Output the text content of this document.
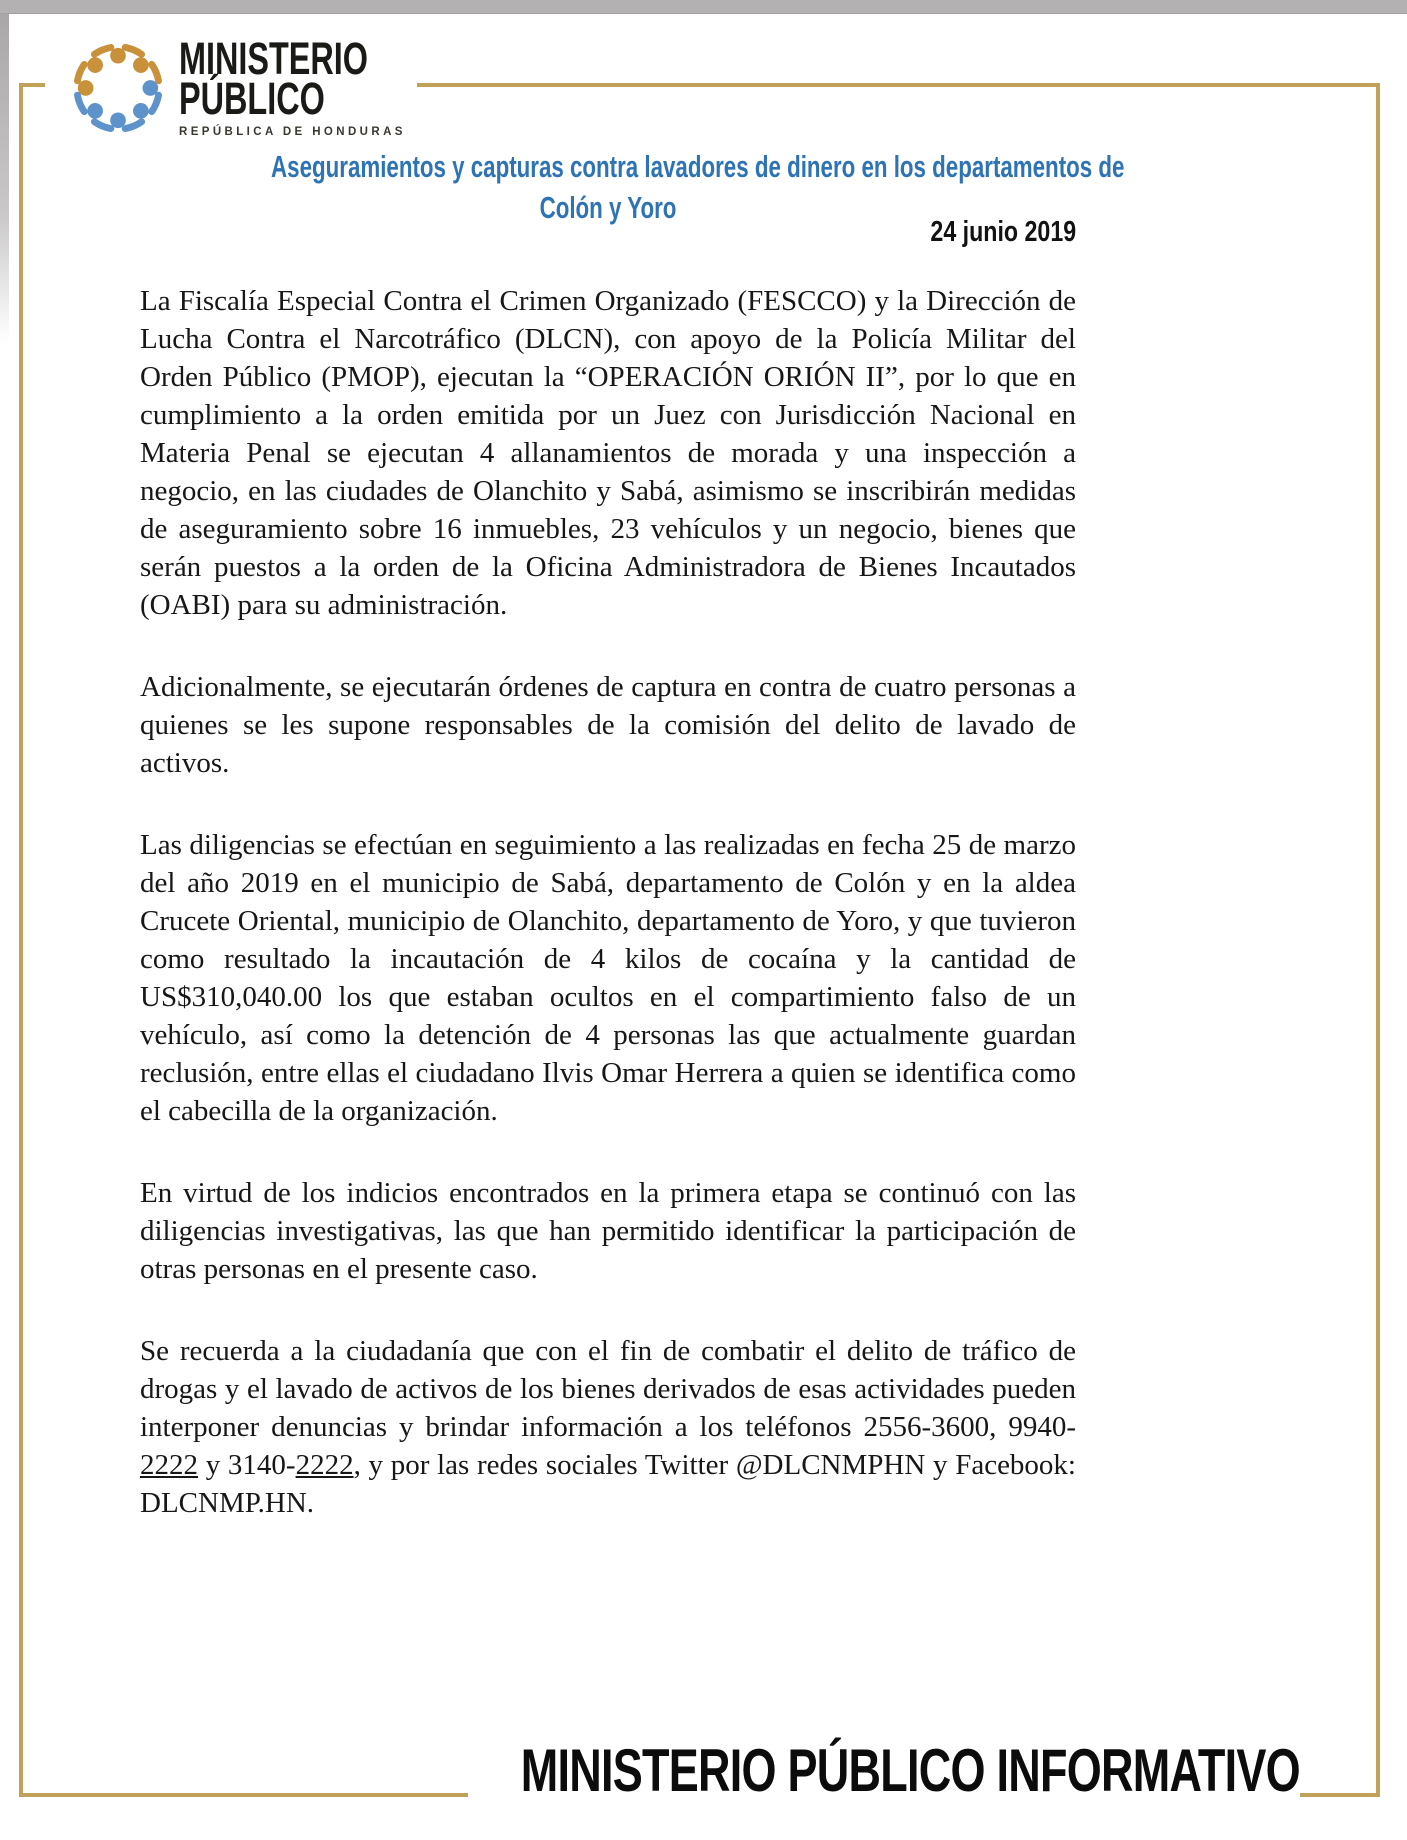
MINISTERIO
PÚBLICO
REPÚBLICA DE HONDURAS
Aseguramientos y capturas contra lavadores de dinero en los departamentos de
Colón y Yoro
24 junio 2019

La Fiscalía Especial Contra el Crimen Organizado (FESCCO) y la Dirección de Lucha Contra el Narcotráfico (DLCN), con apoyo de la Policía Militar del Orden Público (PMOP), ejecutan la “OPERACIÓN ORIÓN II”, por lo que en cumplimiento a la orden emitida por un Juez con Jurisdicción Nacional en Materia Penal se ejecutan 4 allanamientos de morada y una inspección a negocio, en las ciudades de Olanchito y Sabá, asimismo se inscribirán medidas de aseguramiento sobre 16 inmuebles, 23 vehículos y un negocio, bienes que serán puestos a la orden de la Oficina Administradora de Bienes Incautados (OABI) para su administración.

Adicionalmente, se ejecutarán órdenes de captura en contra de cuatro personas a quienes se les supone responsables de la comisión del delito de lavado de activos.

Las diligencias se efectúan en seguimiento a las realizadas en fecha 25 de marzo del año 2019 en el municipio de Sabá, departamento de Colón y en la aldea Crucete Oriental, municipio de Olanchito, departamento de Yoro, y que tuvieron como resultado la incautación de 4 kilos de cocaína y la cantidad de US$310,040.00 los que estaban ocultos en el compartimiento falso de un vehículo, así como la detención de 4 personas las que actualmente guardan reclusión, entre ellas el ciudadano Ilvis Omar Herrera a quien se identifica como el cabecilla de la organización.

En virtud de los indicios encontrados en la primera etapa se continuó con las diligencias investigativas, las que han permitido identificar la participación de otras personas en el presente caso.

Se recuerda a la ciudadanía que con el fin de combatir el delito de tráfico de drogas y el lavado de activos de los bienes derivados de esas actividades pueden interponer denuncias y brindar información a los teléfonos 2556-3600, 9940-2222 y 3140-2222, y por las redes sociales Twitter @DLCNMPHN y Facebook: DLCNMP.HN.

MINISTERIO PÚBLICO INFORMATIVO
